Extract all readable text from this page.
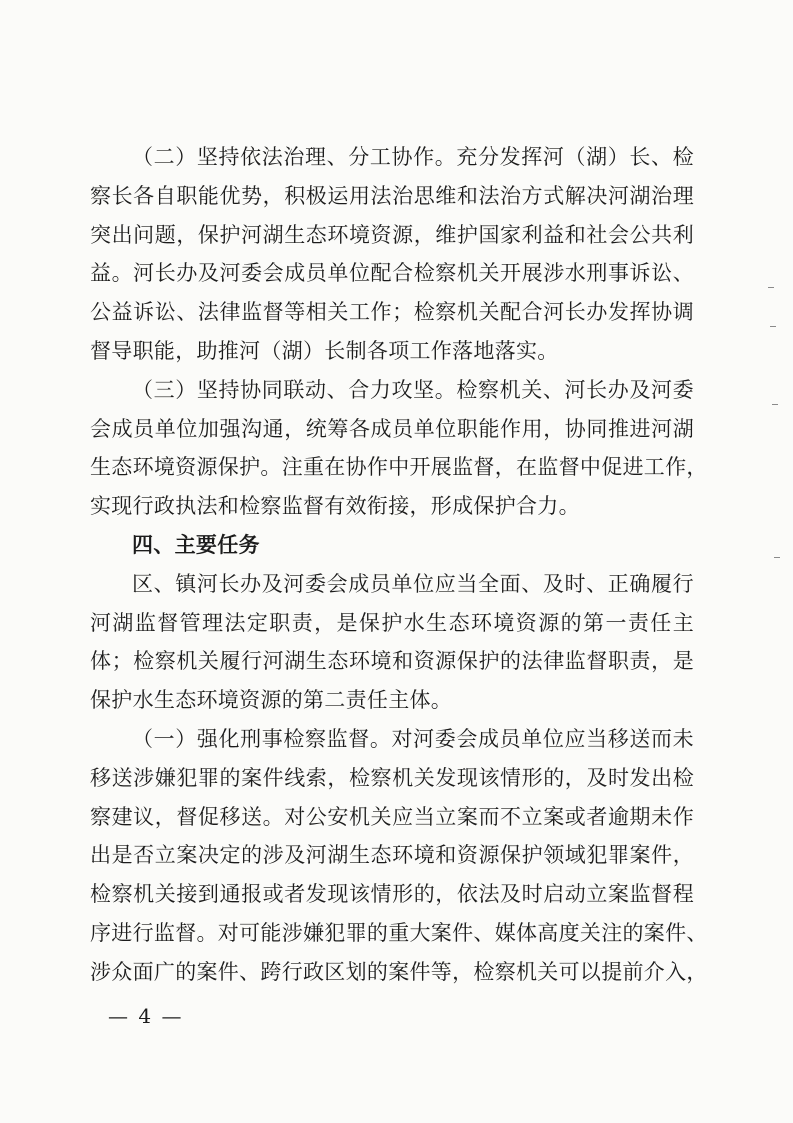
（二）坚持依法治理、分工协作。充分发挥河（湖）长、检
察长各自职能优势，积极运用法治思维和法治方式解决河湖治理
突出问题，保护河湖生态环境资源，维护国家利益和社会公共利
益。河长办及河委会成员单位配合检察机关开展涉水刑事诉讼、
公益诉讼、法律监督等相关工作；检察机关配合河长办发挥协调
督导职能，助推河（湖）长制各项工作落地落实。
（三）坚持协同联动、合力攻坚。检察机关、河长办及河委
会成员单位加强沟通，统筹各成员单位职能作用，协同推进河湖
生态环境资源保护。注重在协作中开展监督，在监督中促进工作，
实现行政执法和检察监督有效衔接，形成保护合力。
四、主要任务
区、镇河长办及河委会成员单位应当全面、及时、正确履行
河湖监督管理法定职责，是保护水生态环境资源的第一责任主
体；检察机关履行河湖生态环境和资源保护的法律监督职责，是
保护水生态环境资源的第二责任主体。
（一）强化刑事检察监督。对河委会成员单位应当移送而未
移送涉嫌犯罪的案件线索，检察机关发现该情形的，及时发出检
察建议，督促移送。对公安机关应当立案而不立案或者逾期未作
出是否立案决定的涉及河湖生态环境和资源保护领域犯罪案件，
检察机关接到通报或者发现该情形的，依法及时启动立案监督程
序进行监督。对可能涉嫌犯罪的重大案件、媒体高度关注的案件、
涉众面广的案件、跨行政区划的案件等，检察机关可以提前介入，
— 4 —
